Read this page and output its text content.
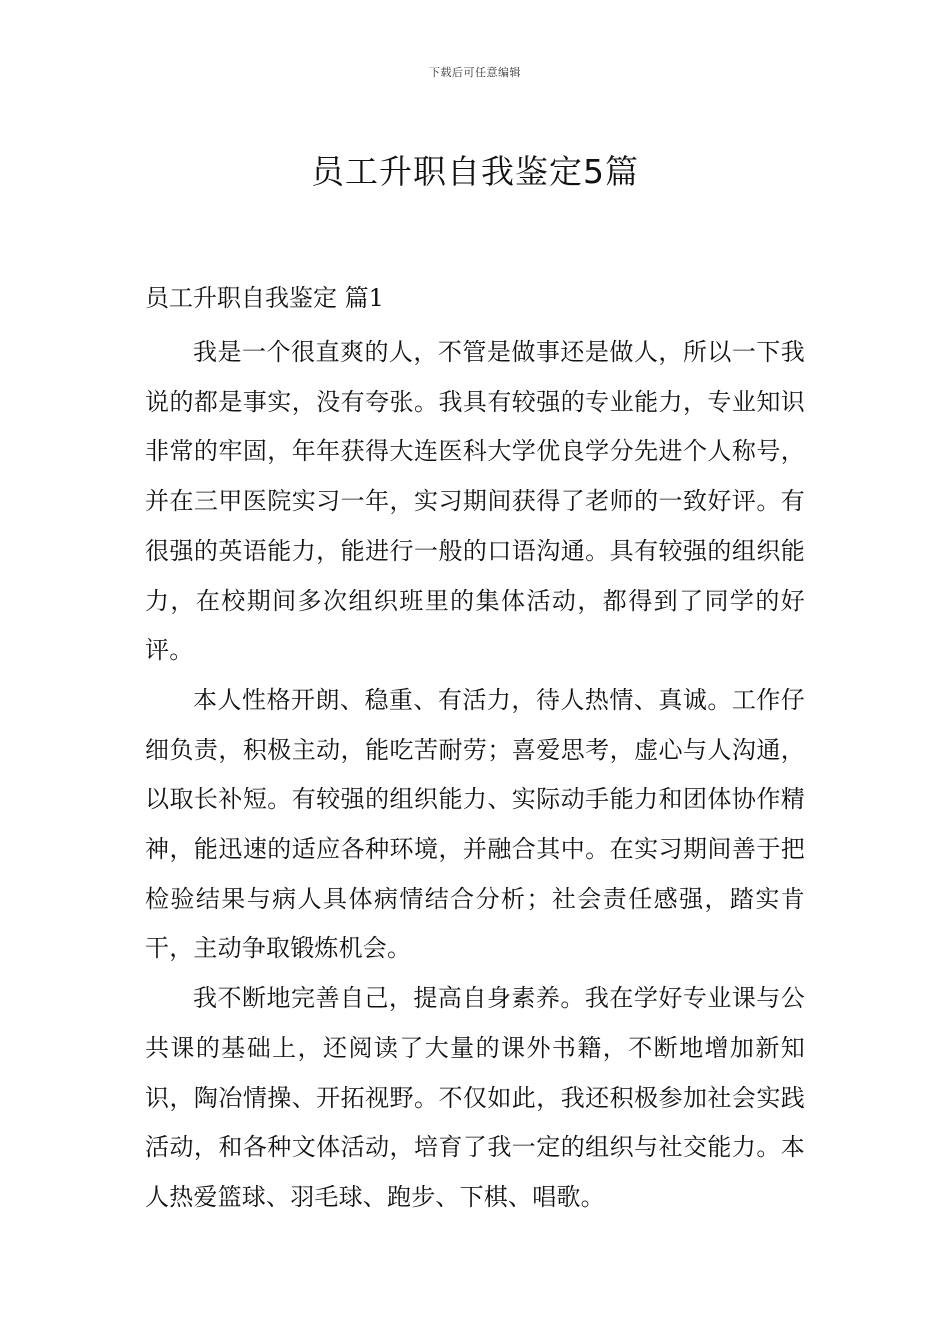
下载后可任意编辑
员工升职自我鉴定5篇
员工升职自我鉴定 篇1

我是一个很直爽的人，不管是做事还是做人，所以一下我说的都是事实，没有夸张。我具有较强的专业能力，专业知识非常的牢固，年年获得大连医科大学优良学分先进个人称号，并在三甲医院实习一年，实习期间获得了老师的一致好评。有很强的英语能力，能进行一般的口语沟通。具有较强的组织能力，在校期间多次组织班里的集体活动，都得到了同学的好评。

本人性格开朗、稳重、有活力，待人热情、真诚。工作仔细负责，积极主动，能吃苦耐劳；喜爱思考，虚心与人沟通，以取长补短。有较强的组织能力、实际动手能力和团体协作精神，能迅速的适应各种环境，并融合其中。在实习期间善于把检验结果与病人具体病情结合分析；社会责任感强，踏实肯干，主动争取锻炼机会。

我不断地完善自己，提高自身素养。我在学好专业课与公共课的基础上，还阅读了大量的课外书籍，不断地增加新知识，陶冶情操、开拓视野。不仅如此，我还积极参加社会实践活动，和各种文体活动，培育了我一定的组织与社交能力。本人热爱篮球、羽毛球、跑步、下棋、唱歌。
